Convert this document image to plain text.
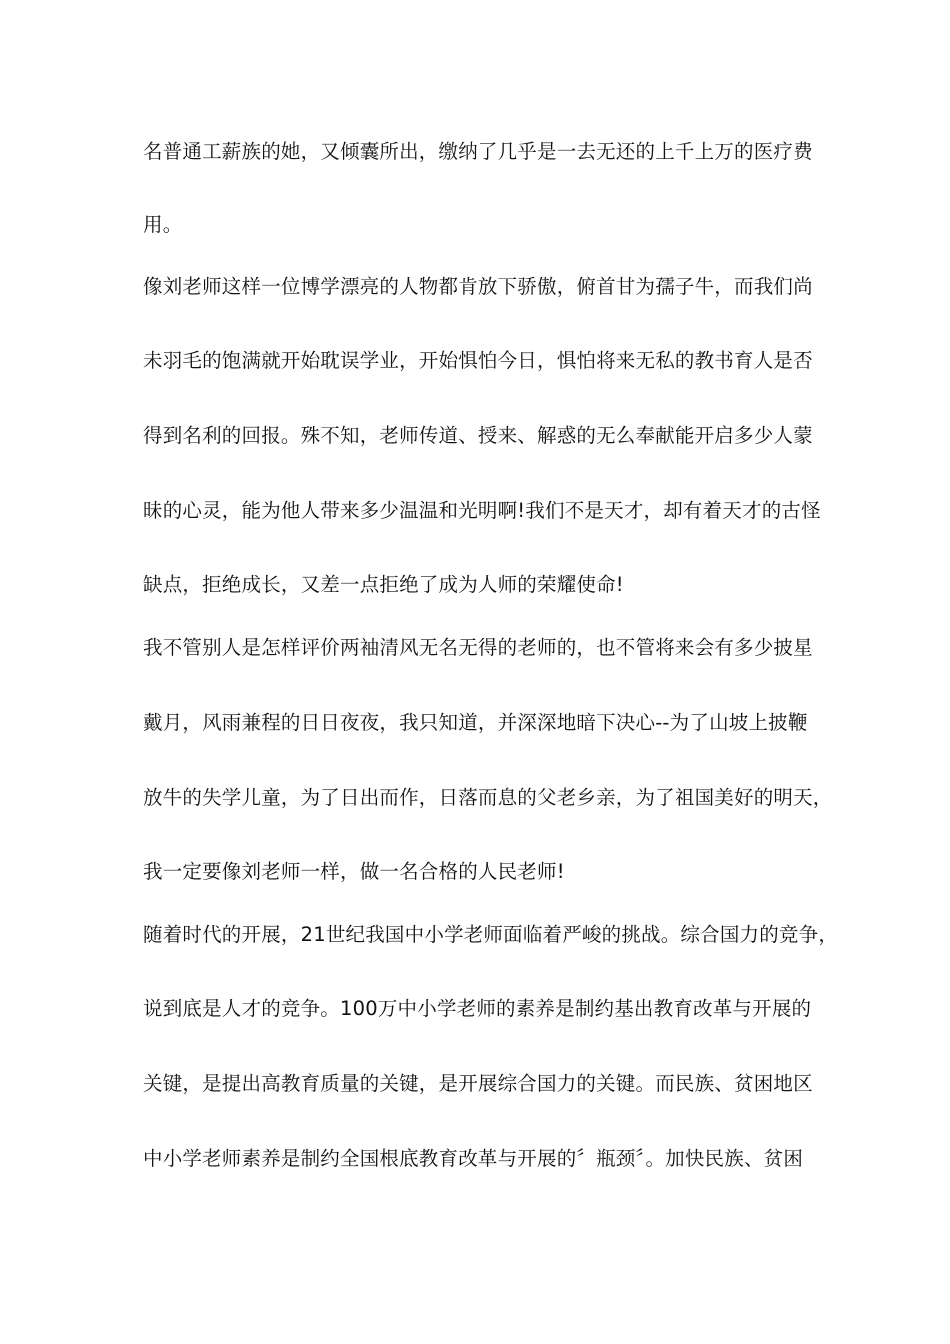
名普通工薪族的她，又倾囊所出，缴纳了几乎是一去无还的上千上万的医疗费
用。
像刘老师这样一位博学漂亮的人物都肯放下骄傲，俯首甘为孺子牛，而我们尚
未羽毛的饱满就开始耽误学业，开始惧怕今日，惧怕将来无私的教书育人是否
得到名利的回报。殊不知，老师传道、授来、解惑的无么奉献能开启多少人蒙
昧的心灵，能为他人带来多少温温和光明啊!我们不是天才，却有着天才的古怪
缺点，拒绝成长，又差一点拒绝了成为人师的荣耀使命!
我不管别人是怎样评价两袖清风无名无得的老师的，也不管将来会有多少披星
戴月，风雨兼程的日日夜夜，我只知道，并深深地暗下决心--为了山坡上披鞭
放牛的失学儿童，为了日出而作，日落而息的父老乡亲，为了祖国美好的明天，
我一定要像刘老师一样，做一名合格的人民老师!
随着时代的开展，21世纪我国中小学老师面临着严峻的挑战。综合国力的竞争，
说到底是人才的竞争。100万中小学老师的素养是制约基出教育改革与开展的
关键，是提出高教育质量的关键，是开展综合国力的关键。而民族、贫困地区
中小学老师素养是制约全国根底教育改革与开展的〞瓶颈〞。加快民族、贫困
